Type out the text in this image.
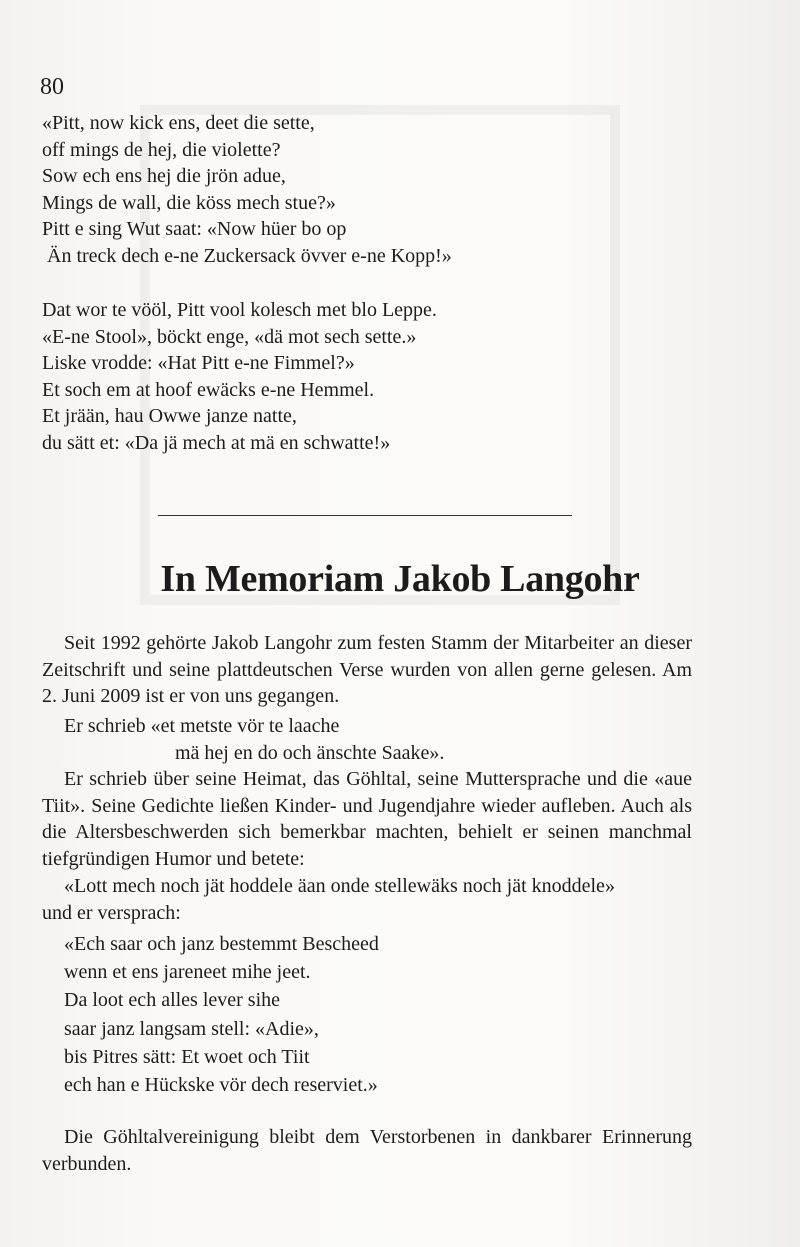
80
«Pitt, now kick ens, deet die sette,
off mings de hej, die violette?
Sow ech ens hej die jrön adue,
Mings de wall, die köss mech stue?»
Pitt e sing Wut saat: «Now hüer bo op
Än treck dech e-ne Zuckersack övver e-ne Kopp!»
Dat wor te vööl, Pitt vool kolesch met blo Leppe.
«E-ne Stool», böckt enge, «dä mot sech sette.»
Liske vrodde: «Hat Pitt e-ne Fimmel?»
Et soch em at hoof ewäcks e-ne Hemmel.
Et jrään, hau Owwe janze natte,
du sätt et: «Da jä mech at mä en schwatte!»
In Memoriam Jakob Langohr
Seit 1992 gehörte Jakob Langohr zum festen Stamm der Mitarbeiter an dieser Zeitschrift und seine plattdeutschen Verse wurden von allen gerne gelesen. Am 2. Juni 2009 ist er von uns gegangen.
Er schrieb «et metste vör te laache
mä hej en do och änschte Saake».
Er schrieb über seine Heimat, das Göhltal, seine Muttersprache und die «aue Tiit». Seine Gedichte ließen Kinder- und Jugendjahre wieder aufleben. Auch als die Altersbeschwerden sich bemerkbar machten, behielt er seinen manchmal tiefgründigen Humor und betete:
«Lott mech noch jät hoddele äan onde stellewäks noch jät knoddele»
und er versprach:
«Ech saar och janz bestemmt Bescheed
wenn et ens jareneet mihe jeet.
Da loot ech alles lever sihe
saar janz langsam stell: «Adie»,
bis Pitres sätt: Et woet och Tiit
ech han e Hückske vör dech reserviet.»
Die Göhltalvereinigung bleibt dem Verstorbenen in dankbarer Erinnerung verbunden.
